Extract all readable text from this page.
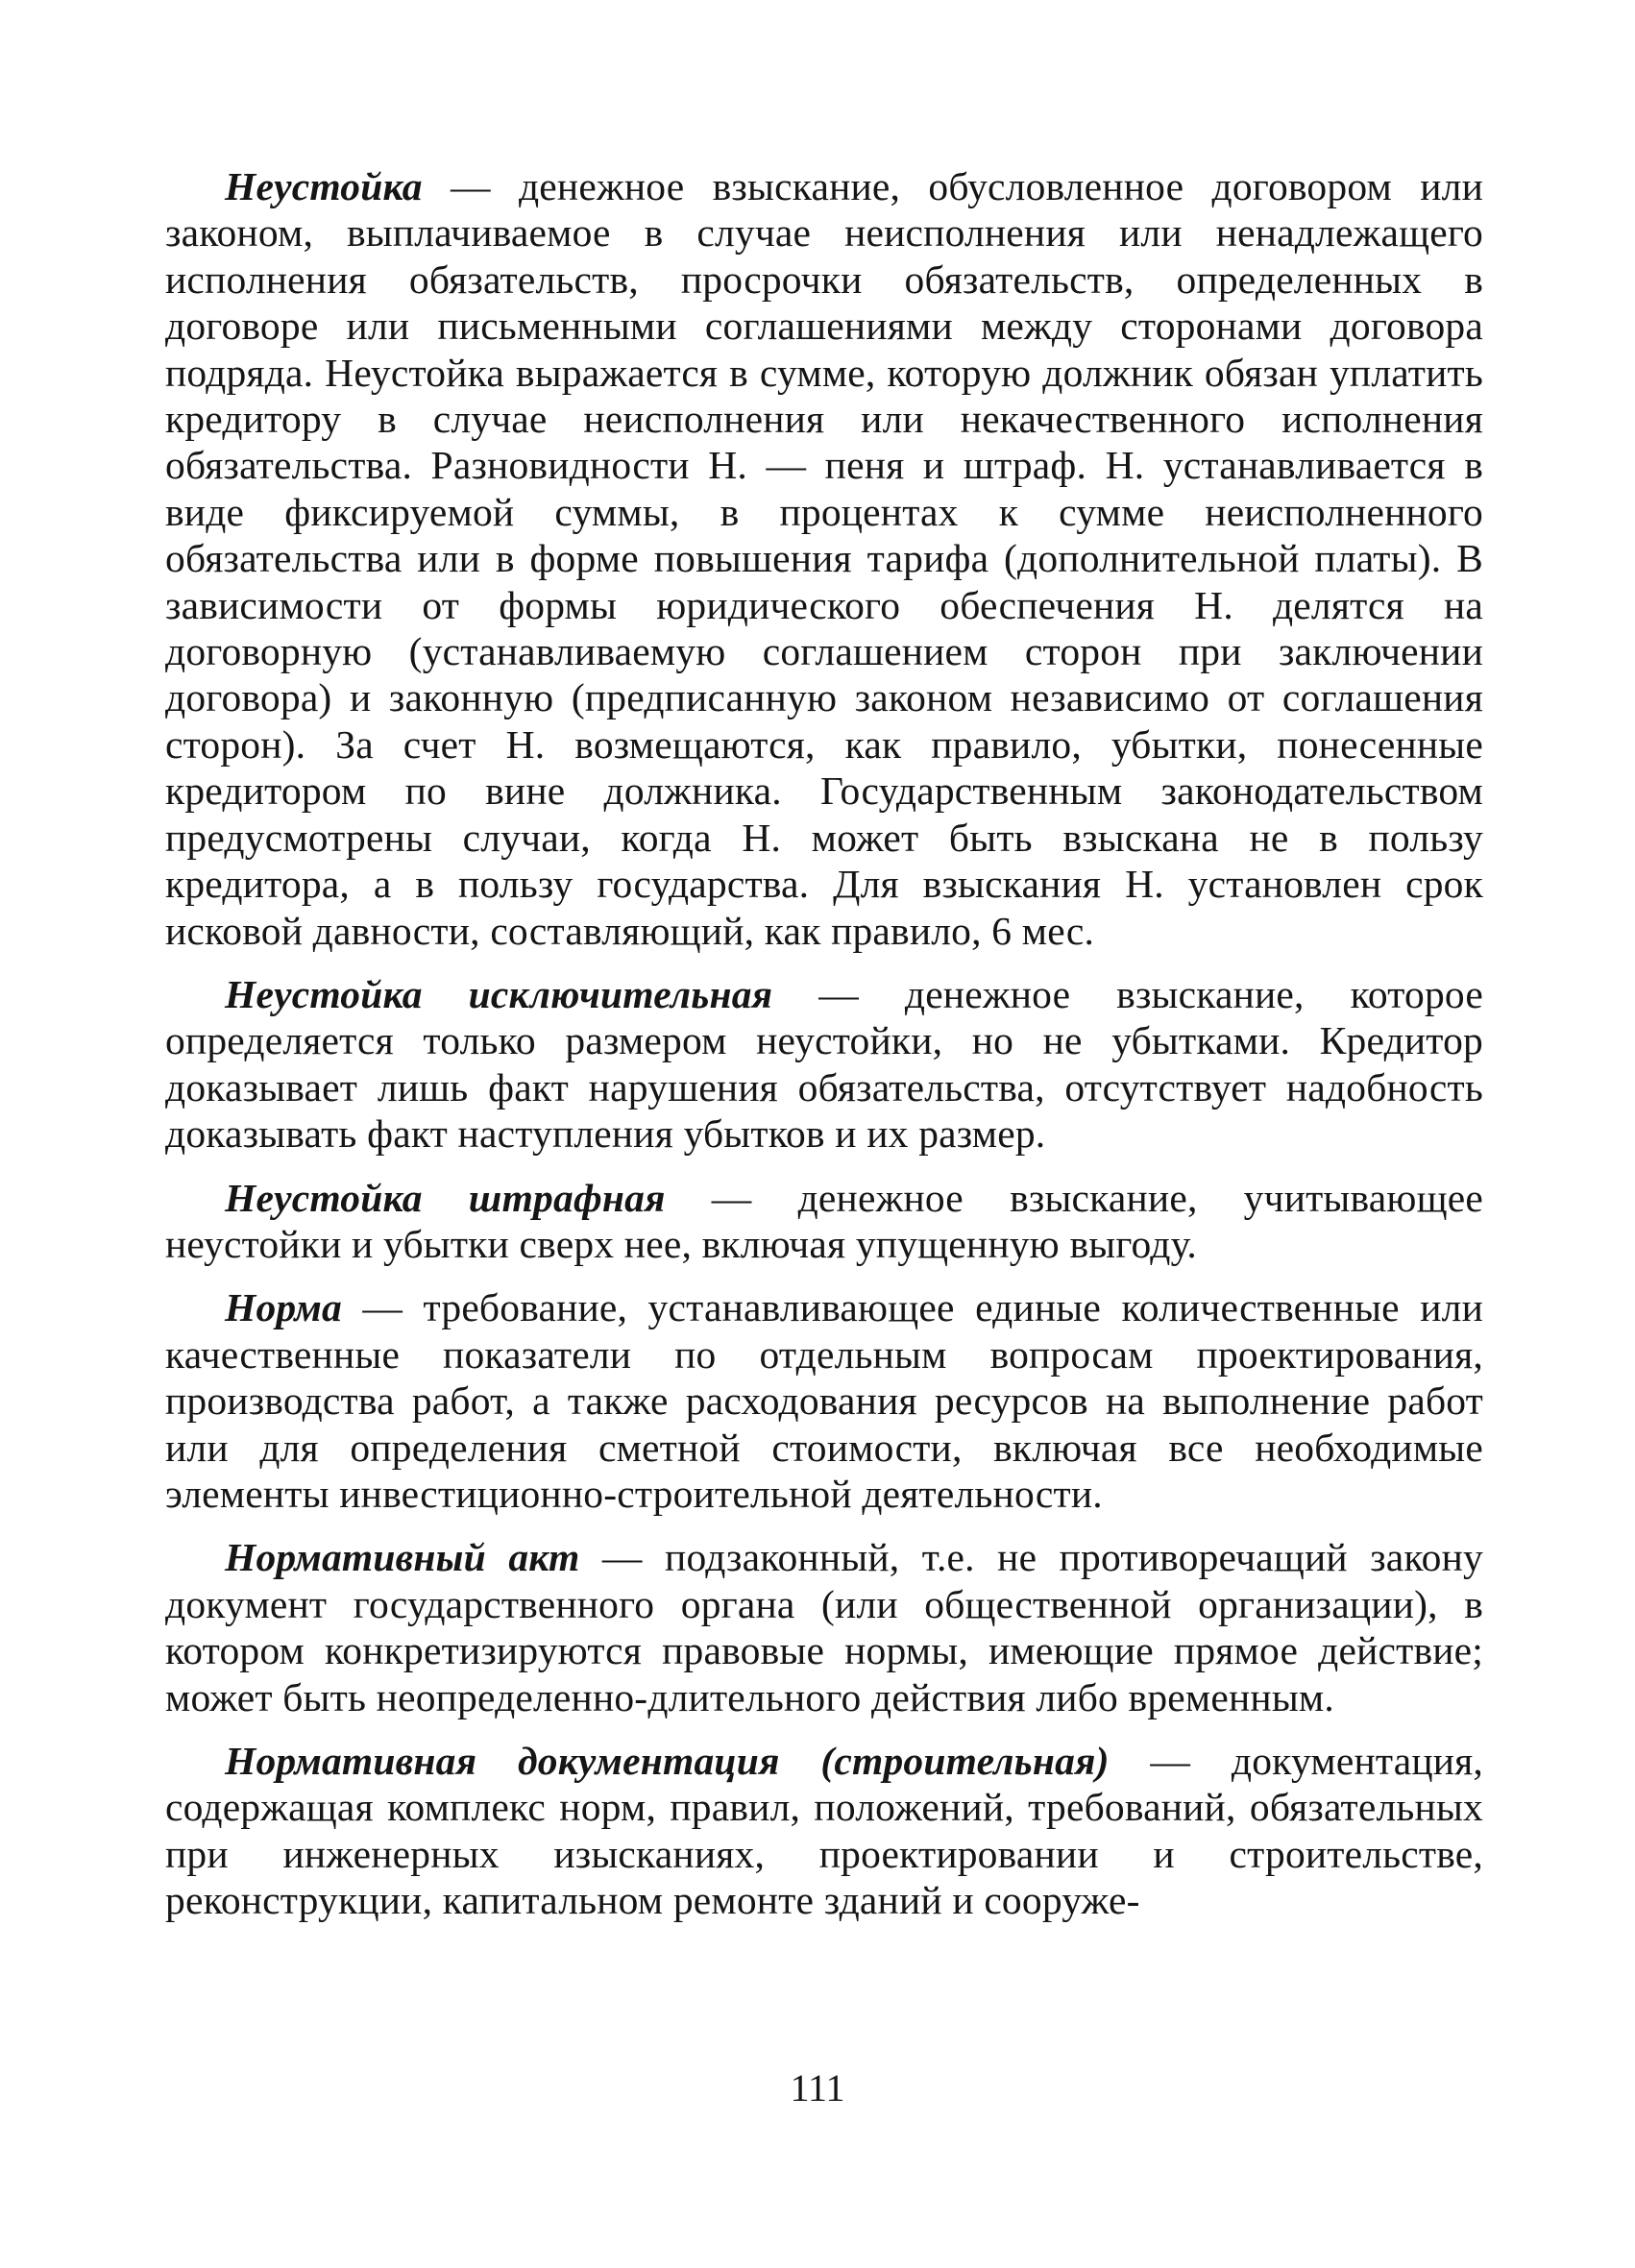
Неустойка — денежное взыскание, обусловленное договором или законом, выплачиваемое в случае неисполнения или ненадлежащего исполнения обязательств, просрочки обязательств, определенных в договоре или письменными соглашениями между сторонами договора подряда. Неустойка выражается в сумме, которую должник обязан уплатить кредитору в случае неисполнения или некачественного исполнения обязательства. Разновидности Н. — пеня и штраф. Н. устанавливается в виде фиксируемой суммы, в процентах к сумме неисполненного обязательства или в форме повышения тарифа (дополнительной платы). В зависимости от формы юридического обеспечения Н. делятся на договорную (устанавливаемую соглашением сторон при заключении договора) и законную (предписанную законом независимо от соглашения сторон). За счет Н. возмещаются, как правило, убытки, понесенные кредитором по вине должника. Государственным законодательством предусмотрены случаи, когда Н. может быть взыскана не в пользу кредитора, а в пользу государства. Для взыскания Н. установлен срок исковой давности, составляющий, как правило, 6 мес.

Неустойка исключительная — денежное взыскание, которое определяется только размером неустойки, но не убытками. Кредитор доказывает лишь факт нарушения обязательства, отсутствует надобность доказывать факт наступления убытков и их размер.

Неустойка штрафная — денежное взыскание, учитывающее неустойки и убытки сверх нее, включая упущенную выгоду.

Норма — требование, устанавливающее единые количественные или качественные показатели по отдельным вопросам проектирования, производства работ, а также расходования ресурсов на выполнение работ или для определения сметной стоимости, включая все необходимые элементы инвестиционно-строительной деятельности.

Нормативный акт — подзаконный, т.е. не противоречащий закону документ государственного органа (или общественной организации), в котором конкретизируются правовые нормы, имеющие прямое действие; может быть неопределенно-длительного действия либо временным.

Нормативная документация (строительная) — документация, содержащая комплекс норм, правил, положений, требований, обязательных при инженерных изысканиях, проектировании и строительстве, реконструкции, капитальном ремонте зданий и сооруже-

111
